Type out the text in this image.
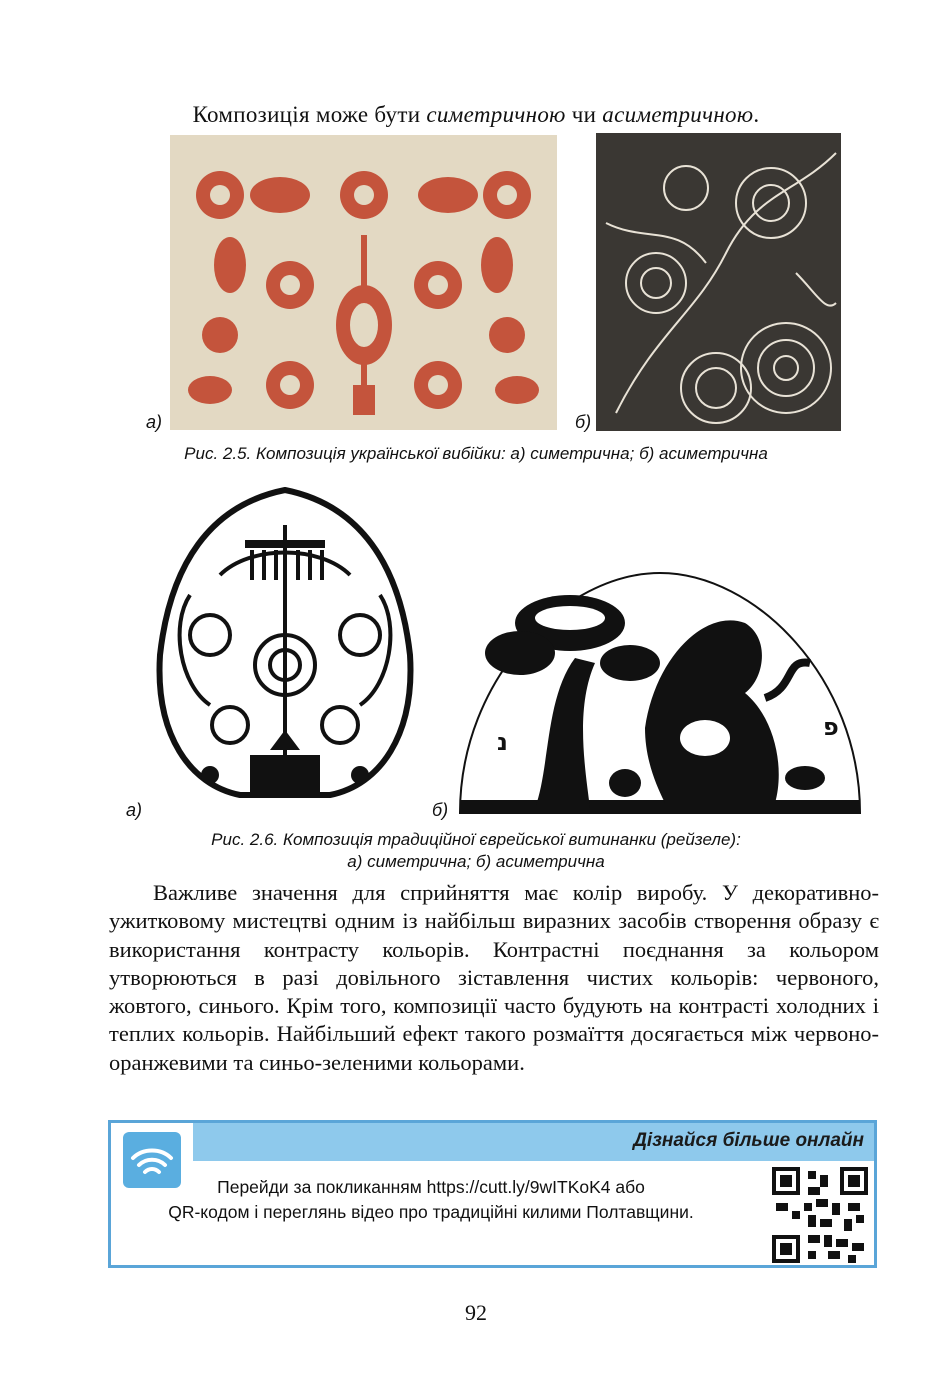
Композиція може бути симетричною чи асиметричною.
а)	б)
Рис. 2.5. Композиція української вибійки: а) симетрична; б) асиметрична
а)
נ
פ
б)
Рис. 2.6. Композиція традиційної єврейської витинанки (рейзеле):
а) симетрична; б) асиметрична
Важливе значення для сприйняття має колір виробу. У декоративно-ужитковому мистецтві одним із найбільш виразних засобів створення образу є використання контрасту кольорів. Контрастні поєднання за кольором утворюються в разі довільного зіставлення чистих кольорів: червоного, жовтого, синього. Крім того, композиції часто будують на контрасті холодних і теплих кольорів. Найбільший ефект такого розмаїття досягається між червоно-оранжевими та синьо-зеленими кольорами.
Дізнайся більше онлайн
Перейди за покликанням https://cutt.ly/9wITKoK4 або
QR-кодом і переглянь відео про традиційні килими Полтавщини.
92
